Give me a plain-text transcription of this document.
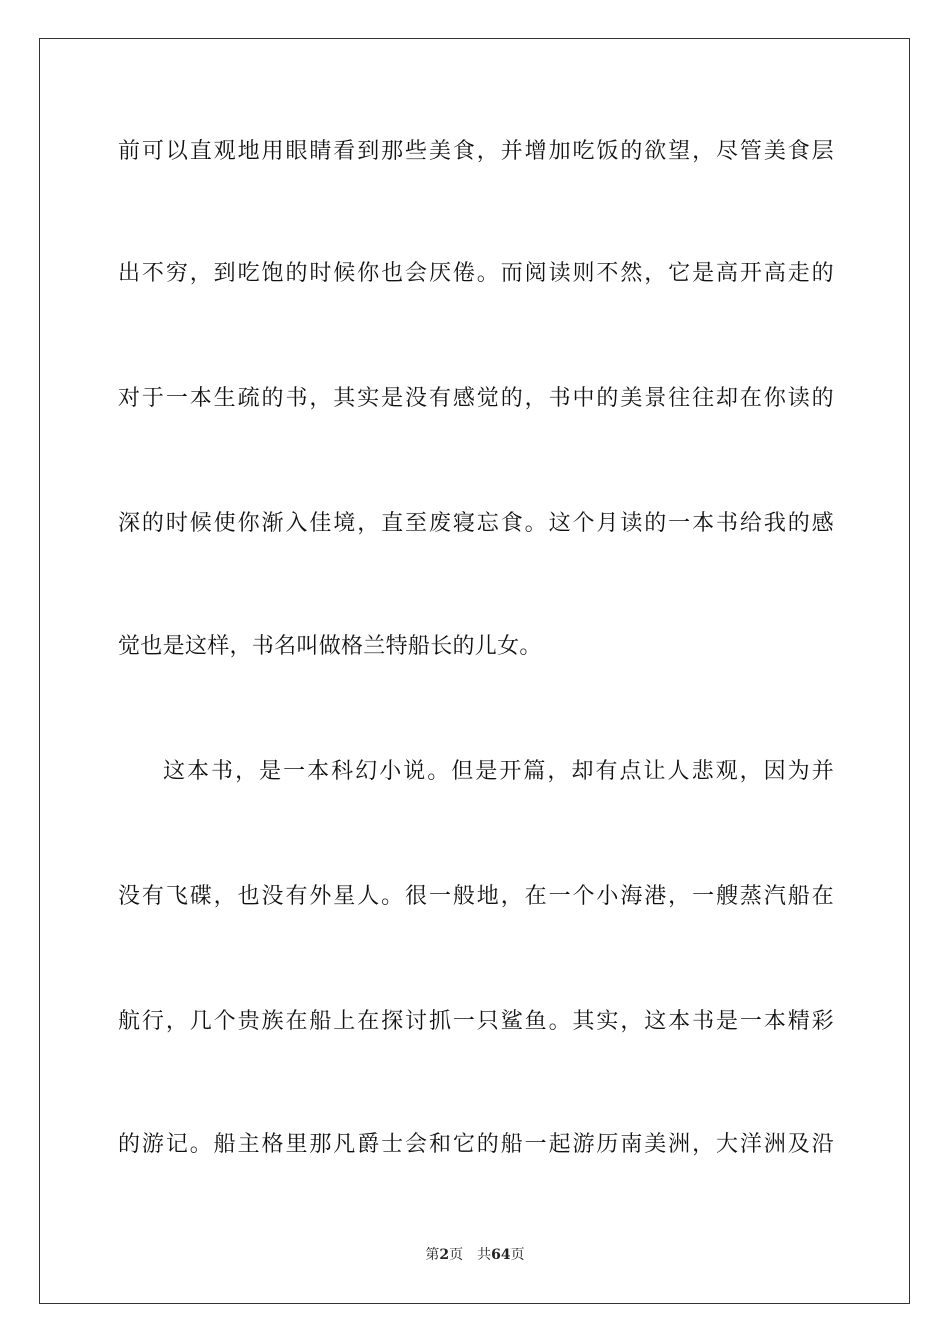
前可以直观地用眼睛看到那些美食，并增加吃饭的欲望，尽管美食层
出不穷，到吃饱的时候你也会厌倦。而阅读则不然，它是高开高走的
对于一本生疏的书，其实是没有感觉的，书中的美景往往却在你读的
深的时候使你渐入佳境，直至废寝忘食。这个月读的一本书给我的感
觉也是这样，书名叫做格兰特船长的儿女。
这本书，是一本科幻小说。但是开篇，却有点让人悲观，因为并
没有飞碟，也没有外星人。很一般地，在一个小海港，一艘蒸汽船在
航行，几个贵族在船上在探讨抓一只鲨鱼。其实，这本书是一本精彩
的游记。船主格里那凡爵士会和它的船一起游历南美洲，大洋洲及沿
第2页 共64页
